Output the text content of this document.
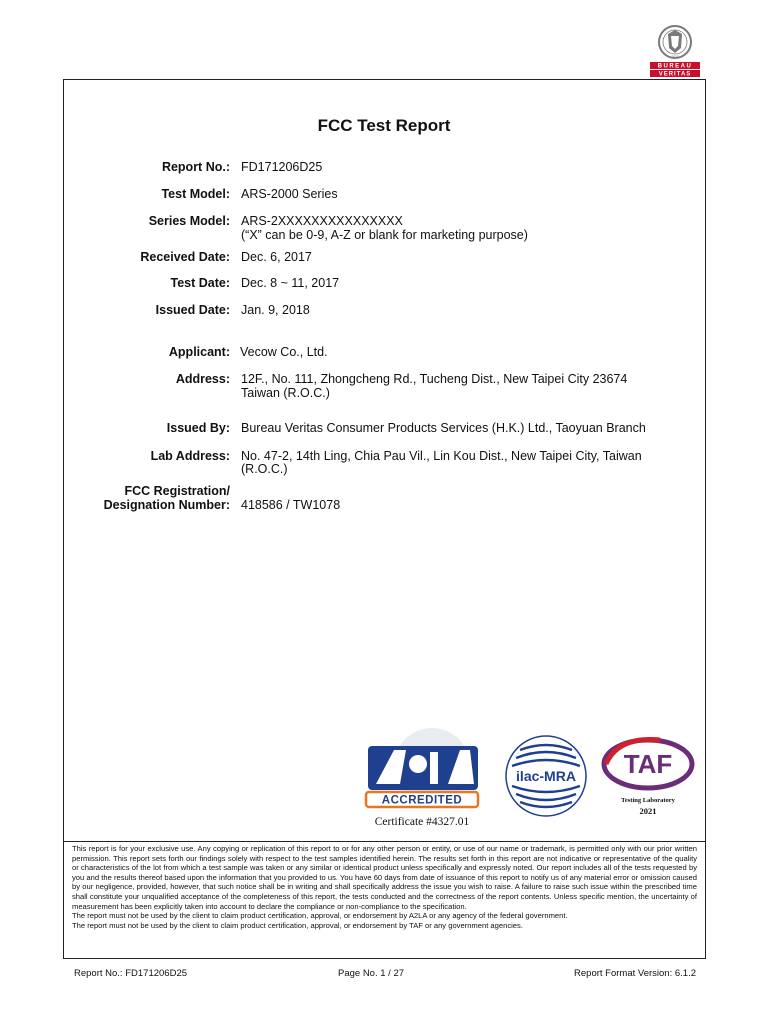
1828
BUREAU
VERITAS
FCC Test Report
Report No.: FD171206D25
Test Model: ARS-2000 Series
Series Model: ARS-2XXXXXXXXXXXXXXX
(“X” can be 0-9, A-Z or blank for marketing purpose)
Received Date: Dec. 6, 2017
Test Date: Dec. 8 ~ 11, 2017
Issued Date: Jan. 9, 2018
Applicant: Vecow Co., Ltd.
Address: 12F., No. 111, Zhongcheng Rd., Tucheng Dist., New Taipei City 23674
Taiwan (R.O.C.)
Issued By: Bureau Veritas Consumer Products Services (H.K.) Ltd., Taoyuan Branch
Lab Address: No. 47-2, 14th Ling, Chia Pau Vil., Lin Kou Dist., New Taipei City, Taiwan
(R.O.C.)
FCC Registration/
Designation Number: 418586 / TW1078
ACCREDITED
Certificate #4327.01
ilac-MRA TAF
Testing Laboratory
2021

This report is for your exclusive use. Any copying or replication of this report to or for any other person or entity, or use of our name or trademark, is permitted only with our prior written permission. This report sets forth our findings solely with respect to the test samples identified herein. The results set forth in this report are not indicative or representative of the quality or characteristics of the lot from which a test sample was taken or any similar or identical product unless specifically and expressly noted. Our report includes all of the tests requested by you and the results thereof based upon the information that you provided to us. You have 60 days from date of issuance of this report to notify us of any material error or omission caused by our negligence, provided, however, that such notice shall be in writing and shall specifically address the issue you wish to raise. A failure to raise such issue within the prescribed time shall constitute your unqualified acceptance of the completeness of this report, the tests conducted and the correctness of the report contents. Unless specific mention, the uncertainty of measurement has been explicitly taken into account to declare the compliance or non-compliance to the specification.

The report must not be used by the client to claim product certification, approval, or endorsement by A2LA or any agency of the federal government.

The report must not be used by the client to claim product certification, approval, or endorsement by TAF or any government agencies.

Report No.: FD171206D25	Page No. 1 / 27	Report Format Version: 6.1.2
